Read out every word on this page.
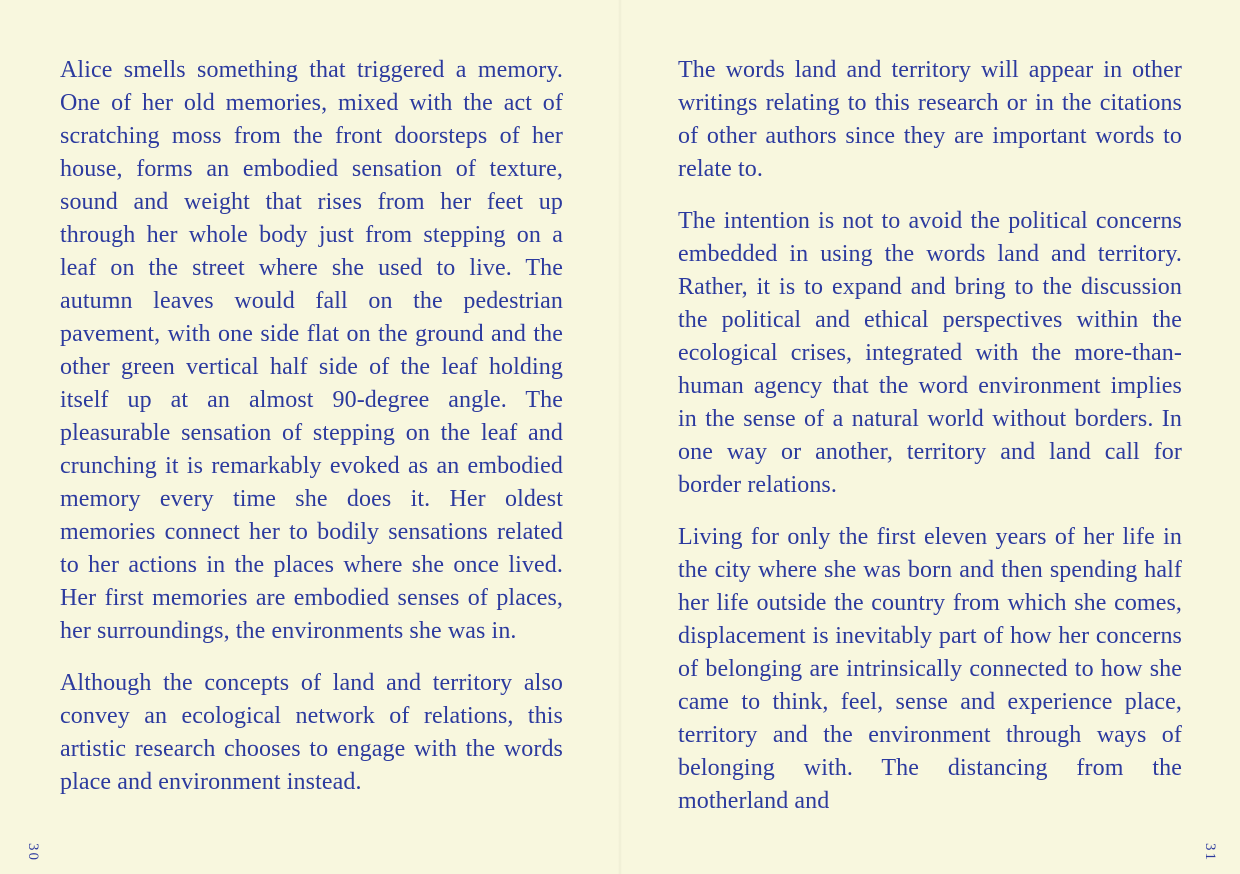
Alice smells something that triggered a memory. One of her old memories, mixed with the act of scratching moss from the front doorsteps of her house, forms an embodied sensation of texture, sound and weight that rises from her feet up through her whole body just from stepping on a leaf on the street where she used to live. The autumn leaves would fall on the pedestrian pavement, with one side flat on the ground and the other green vertical half side of the leaf holding itself up at an almost 90-degree angle. The pleasurable sensation of stepping on the leaf and crunching it is remarkably evoked as an embodied memory every time she does it. Her oldest memories connect her to bodily sensations related to her actions in the places where she once lived. Her first memories are embodied senses of places, her surroundings, the environments she was in.

Although the concepts of land and territory also convey an ecological network of relations, this artistic research chooses to engage with the words place and environment instead.

30

The words land and territory will appear in other writings relating to this research or in the citations of other authors since they are important words to relate to.

The intention is not to avoid the political concerns embedded in using the words land and territory. Rather, it is to expand and bring to the discussion the political and ethical perspectives within the ecological crises, integrated with the more-than-human agency that the word environment implies in the sense of a natural world without borders. In one way or another, territory and land call for border relations.

Living for only the first eleven years of her life in the city where she was born and then spending half her life outside the country from which she comes, displacement is inevitably part of how her concerns of belonging are intrinsically connected to how she came to think, feel, sense and experience place, territory and the environment through ways of belonging with. The distancing from the motherland and

31
